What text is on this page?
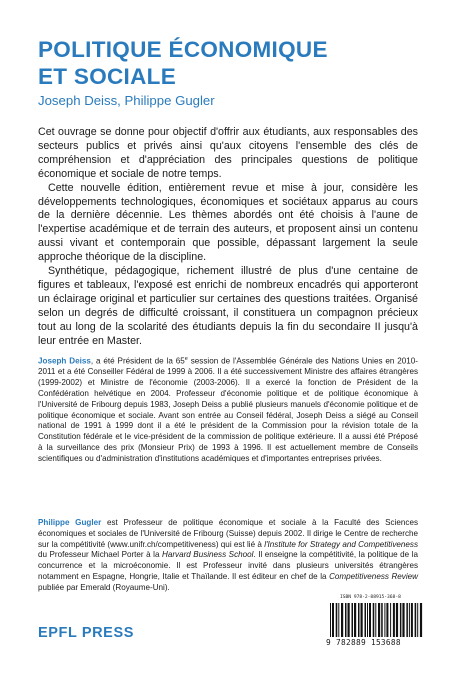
POLITIQUE ÉCONOMIQUE
ET SOCIALE

Joseph Deiss, Philippe Gugler

Cet ouvrage se donne pour objectif d'offrir aux étudiants, aux responsables des secteurs publics et privés ainsi qu'aux citoyens l'ensemble des clés de compréhension et d'appréciation des principales questions de politique économique et sociale de notre temps.

Cette nouvelle édition, entièrement revue et mise à jour, considère les développements technologiques, économiques et sociétaux apparus au cours de la dernière décennie. Les thèmes abordés ont été choisis à l'aune de l'expertise académique et de terrain des auteurs, et proposent ainsi un contenu aussi vivant et contemporain que possible, dépassant largement la seule approche théorique de la discipline.

Synthétique, pédagogique, richement illustré de plus d'une centaine de figures et tableaux, l'exposé est enrichi de nombreux encadrés qui apporteront un éclairage original et particulier sur certaines des questions traitées. Organisé selon un degrés de difficulté croissant, il constituera un compagnon précieux tout au long de la scolarité des étudiants depuis la fin du secondaire II jusqu'à leur entrée en Master.

Joseph Deiss, a été Président de la 65e session de l'Assemblée Générale des Nations Unies en 2010-2011 et a été Conseiller Fédéral de 1999 à 2006. Il a été successivement Ministre des affaires étrangères (1999-2002) et Ministre de l'économie (2003-2006). Il a exercé la fonction de Président de la Confédération helvétique en 2004. Professeur d'économie politique et de politique économique à l'Université de Fribourg depuis 1983, Joseph Deiss a publié plusieurs manuels d'économie politique et de politique économique et sociale. Avant son entrée au Conseil fédéral, Joseph Deiss a siégé au Conseil national de 1991 à 1999 dont il a été le président de la Commission pour la révision totale de la Constitution fédérale et le vice-président de la commission de politique extérieure. Il a aussi été Préposé à la surveillance des prix (Monsieur Prix) de 1993 à 1996. Il est actuellement membre de Conseils scientifiques ou d'administration d'institutions académiques et d'importantes entreprises privées.

Philippe Gugler est Professeur de politique économique et sociale à la Faculté des Sciences économiques et sociales de l'Université de Fribourg (Suisse) depuis 2002. Il dirige le Centre de recherche sur la compétitivité (www.unifr.ch/competitiveness) qui est lié à l'Institute for Strategy and Competitiveness du Professeur Michael Porter à la Harvard Business School. Il enseigne la compétitivité, la politique de la concurrence et la microéconomie. Il est Professeur invité dans plusieurs universités étrangères notamment en Espagne, Hongrie, Italie et Thaïlande. Il est éditeur en chef de la Competitiveness Review publiée par Emerald (Royaume-Uni).

ISBN 978-2-88915-368-8
9 782889 153688

EPFL PRESS
